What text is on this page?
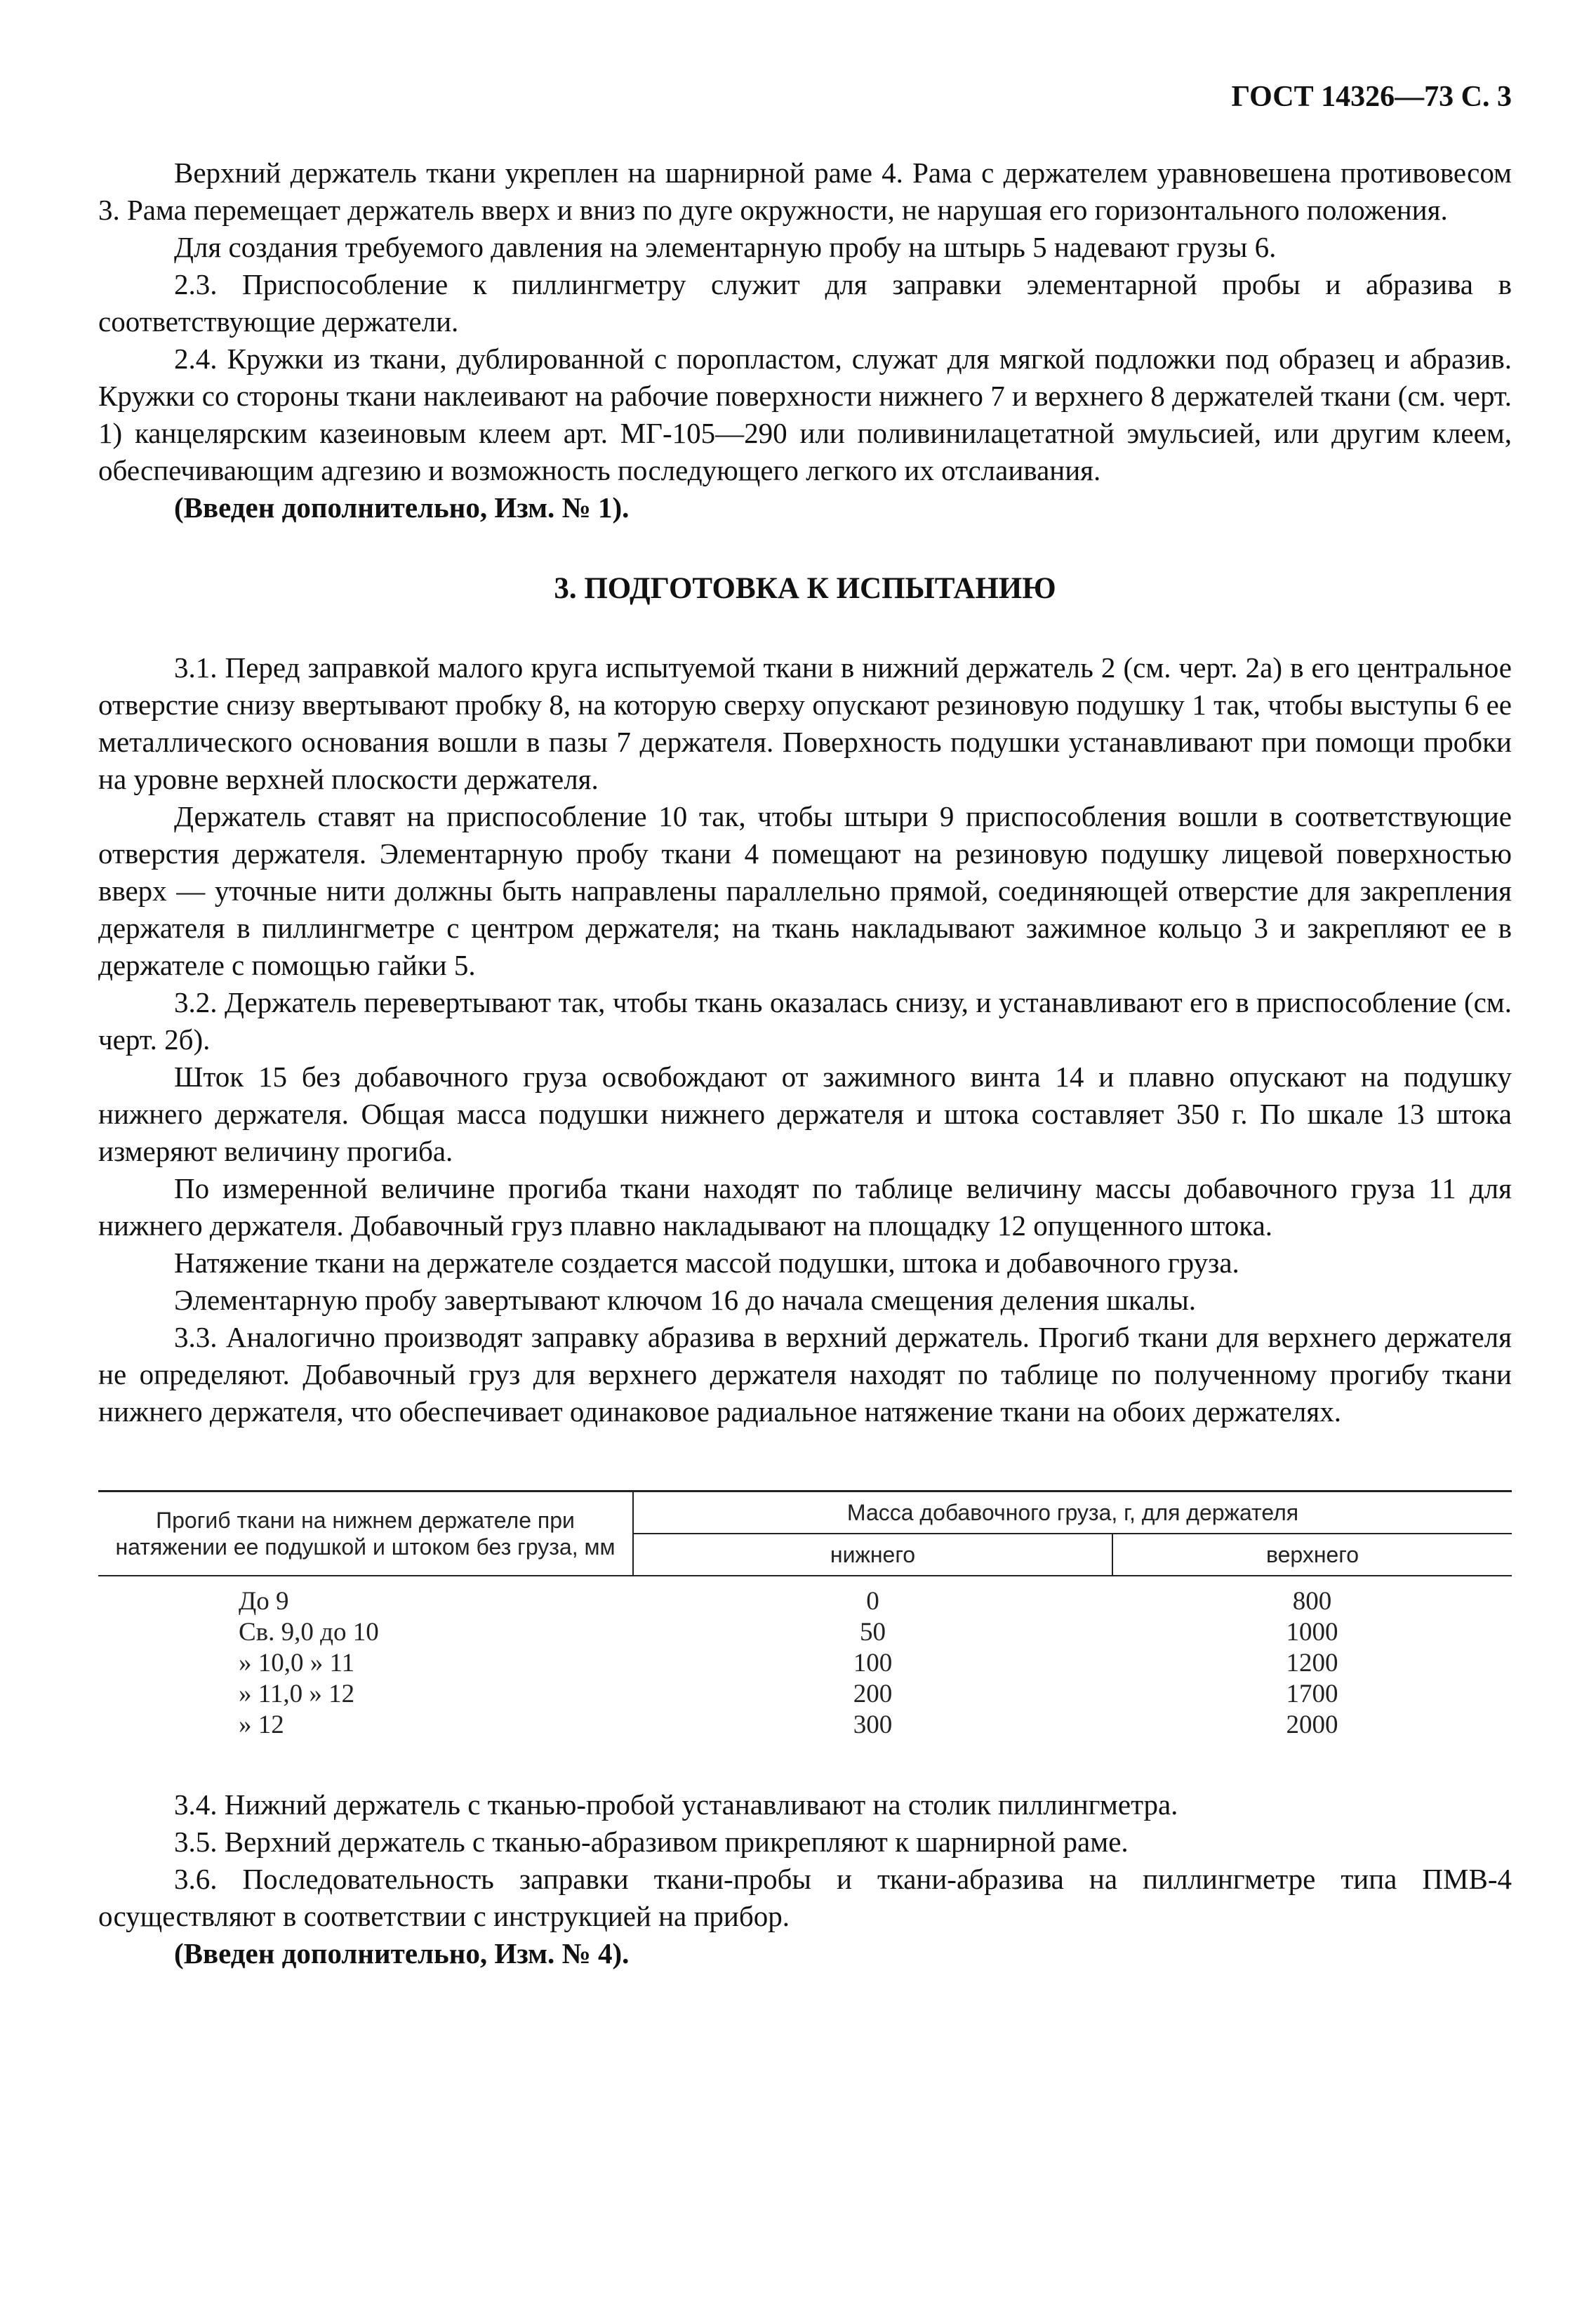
ГОСТ 14326—73 С. 3

Верхний держатель ткани укреплен на шарнирной раме 4. Рама с держателем уравновешена противовесом 3. Рама перемещает держатель вверх и вниз по дуге окружности, не нарушая его горизонтального положения.

Для создания требуемого давления на элементарную пробу на штырь 5 надевают грузы 6.

2.3. Приспособление к пиллингметру служит для заправки элементарной пробы и абразива в соответствующие держатели.

2.4. Кружки из ткани, дублированной с поропластом, служат для мягкой подложки под образец и абразив. Кружки со стороны ткани наклеивают на рабочие поверхности нижнего 7 и верхнего 8 держателей ткани (см. черт. 1) канцелярским казеиновым клеем арт. МГ-105—290 или поливинилацетатной эмульсией, или другим клеем, обеспечивающим адгезию и возможность последующего легкого их отслаивания.

(Введен дополнительно, Изм. № 1).

3. ПОДГОТОВКА К ИСПЫТАНИЮ

3.1. Перед заправкой малого круга испытуемой ткани в нижний держатель 2 (см. черт. 2а) в его центральное отверстие снизу ввертывают пробку 8, на которую сверху опускают резиновую подушку 1 так, чтобы выступы 6 ее металлического основания вошли в пазы 7 держателя. Поверхность подушки устанавливают при помощи пробки на уровне верхней плоскости держателя.

Держатель ставят на приспособление 10 так, чтобы штыри 9 приспособления вошли в соответствующие отверстия держателя. Элементарную пробу ткани 4 помещают на резиновую подушку лицевой поверхностью вверх — уточные нити должны быть направлены параллельно прямой, соединяющей отверстие для закрепления держателя в пиллингметре с центром держателя; на ткань накладывают зажимное кольцо 3 и закрепляют ее в держателе с помощью гайки 5.

3.2. Держатель перевертывают так, чтобы ткань оказалась снизу, и устанавливают его в приспособление (см. черт. 2б).

Шток 15 без добавочного груза освобождают от зажимного винта 14 и плавно опускают на подушку нижнего держателя. Общая масса подушки нижнего держателя и штока составляет 350 г. По шкале 13 штока измеряют величину прогиба.

По измеренной величине прогиба ткани находят по таблице величину массы добавочного груза 11 для нижнего держателя. Добавочный груз плавно накладывают на площадку 12 опущенного штока.

Натяжение ткани на держателе создается массой подушки, штока и добавочного груза.

Элементарную пробу завертывают ключом 16 до начала смещения деления шкалы.

3.3. Аналогично производят заправку абразива в верхний держатель. Прогиб ткани для верхнего держателя не определяют. Добавочный груз для верхнего держателя находят по таблице по полученному прогибу ткани нижнего держателя, что обеспечивает одинаковое радиальное натяжение ткани на обоих держателях.

Прогиб ткани на нижнем держателе при натяжении ее подушкой и штоком без груза, мм	Масса добавочного груза, г, для держателя	
	нижнего	верхнего
До 9	0	800
Св. 9,0 до 10	50	1000
» 10,0 » 11	100	1200
» 11,0 » 12	200	1700
» 12	300	2000

3.4. Нижний держатель с тканью-пробой устанавливают на столик пиллингметра.

3.5. Верхний держатель с тканью-абразивом прикрепляют к шарнирной раме.

3.6. Последовательность заправки ткани-пробы и ткани-абразива на пиллингметре типа ПМВ-4 осуществляют в соответствии с инструкцией на прибор.

(Введен дополнительно, Изм. № 4).
